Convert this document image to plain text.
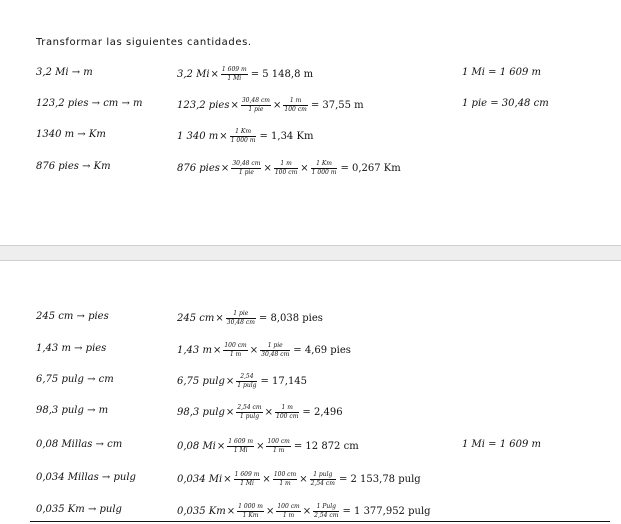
Transformar las siguientes cantidades.
3,2 Mi → m	3,2 $Mi \times \frac{1 609 m}{1 Mi} = 5$ 148,8 m	1 Mi = 1 609 m
123,2 pies → cm → m	123,2 pies × $\frac{30,48 cm}{\text{1 pie}} \times \frac{1 m}{100 cm} = 37,55$ m	1 pie = 30,48 cm
1340 m → Km	1 340 $m \times \frac{1 Km}{1 000 m} = 1,34$ Km
876 pies → Km	876 pies × $\frac{30,48 cm}{\text{1 pie}} \times \frac{1 m}{100 cm} \times \frac{1 Km}{1 000 m} = 0,267$ Km
245 cm → pies	245 cm × $\frac{\text{1 pie}}{30,48 cm} = 8,038$ pies
1,43 m → pies	1,43 $m \times \frac{100 cm}{1 m} \times \frac{\text{1 pie}}{30,48 cm} = 4,69$ pies
6,75 pulg → cm	6,75 $pulg \times \frac{2,54}{1 pulg} = 17,145$
98,3 pulg → m	98,3 $pulg \times \frac{2,54 cm}{1 pulg} \times \frac{1 m}{100 cm} = 2,496$
0,08 Millas → cm	0,08 $Mi \times \frac{1 609 m}{1 Mi} \times \frac{100 cm}{1 m} = 12$ 872 cm	1 Mi = 1 609 m
0,034 Millas → pulg	0,034 $Mi \times \frac{1 609 m}{1 Mi} \times \frac{100 cm}{1 m} \times \frac{1 pulg}{2,54 cm} = 2$ 153,78 pulg
0,035 Km → pulg	0,035 $Km \times \frac{1 000 m}{1 Km} \times \frac{100 cm}{1 m} \times \frac{1 Pulg}{2,54 cm} = 1$ 377,952 pulg
